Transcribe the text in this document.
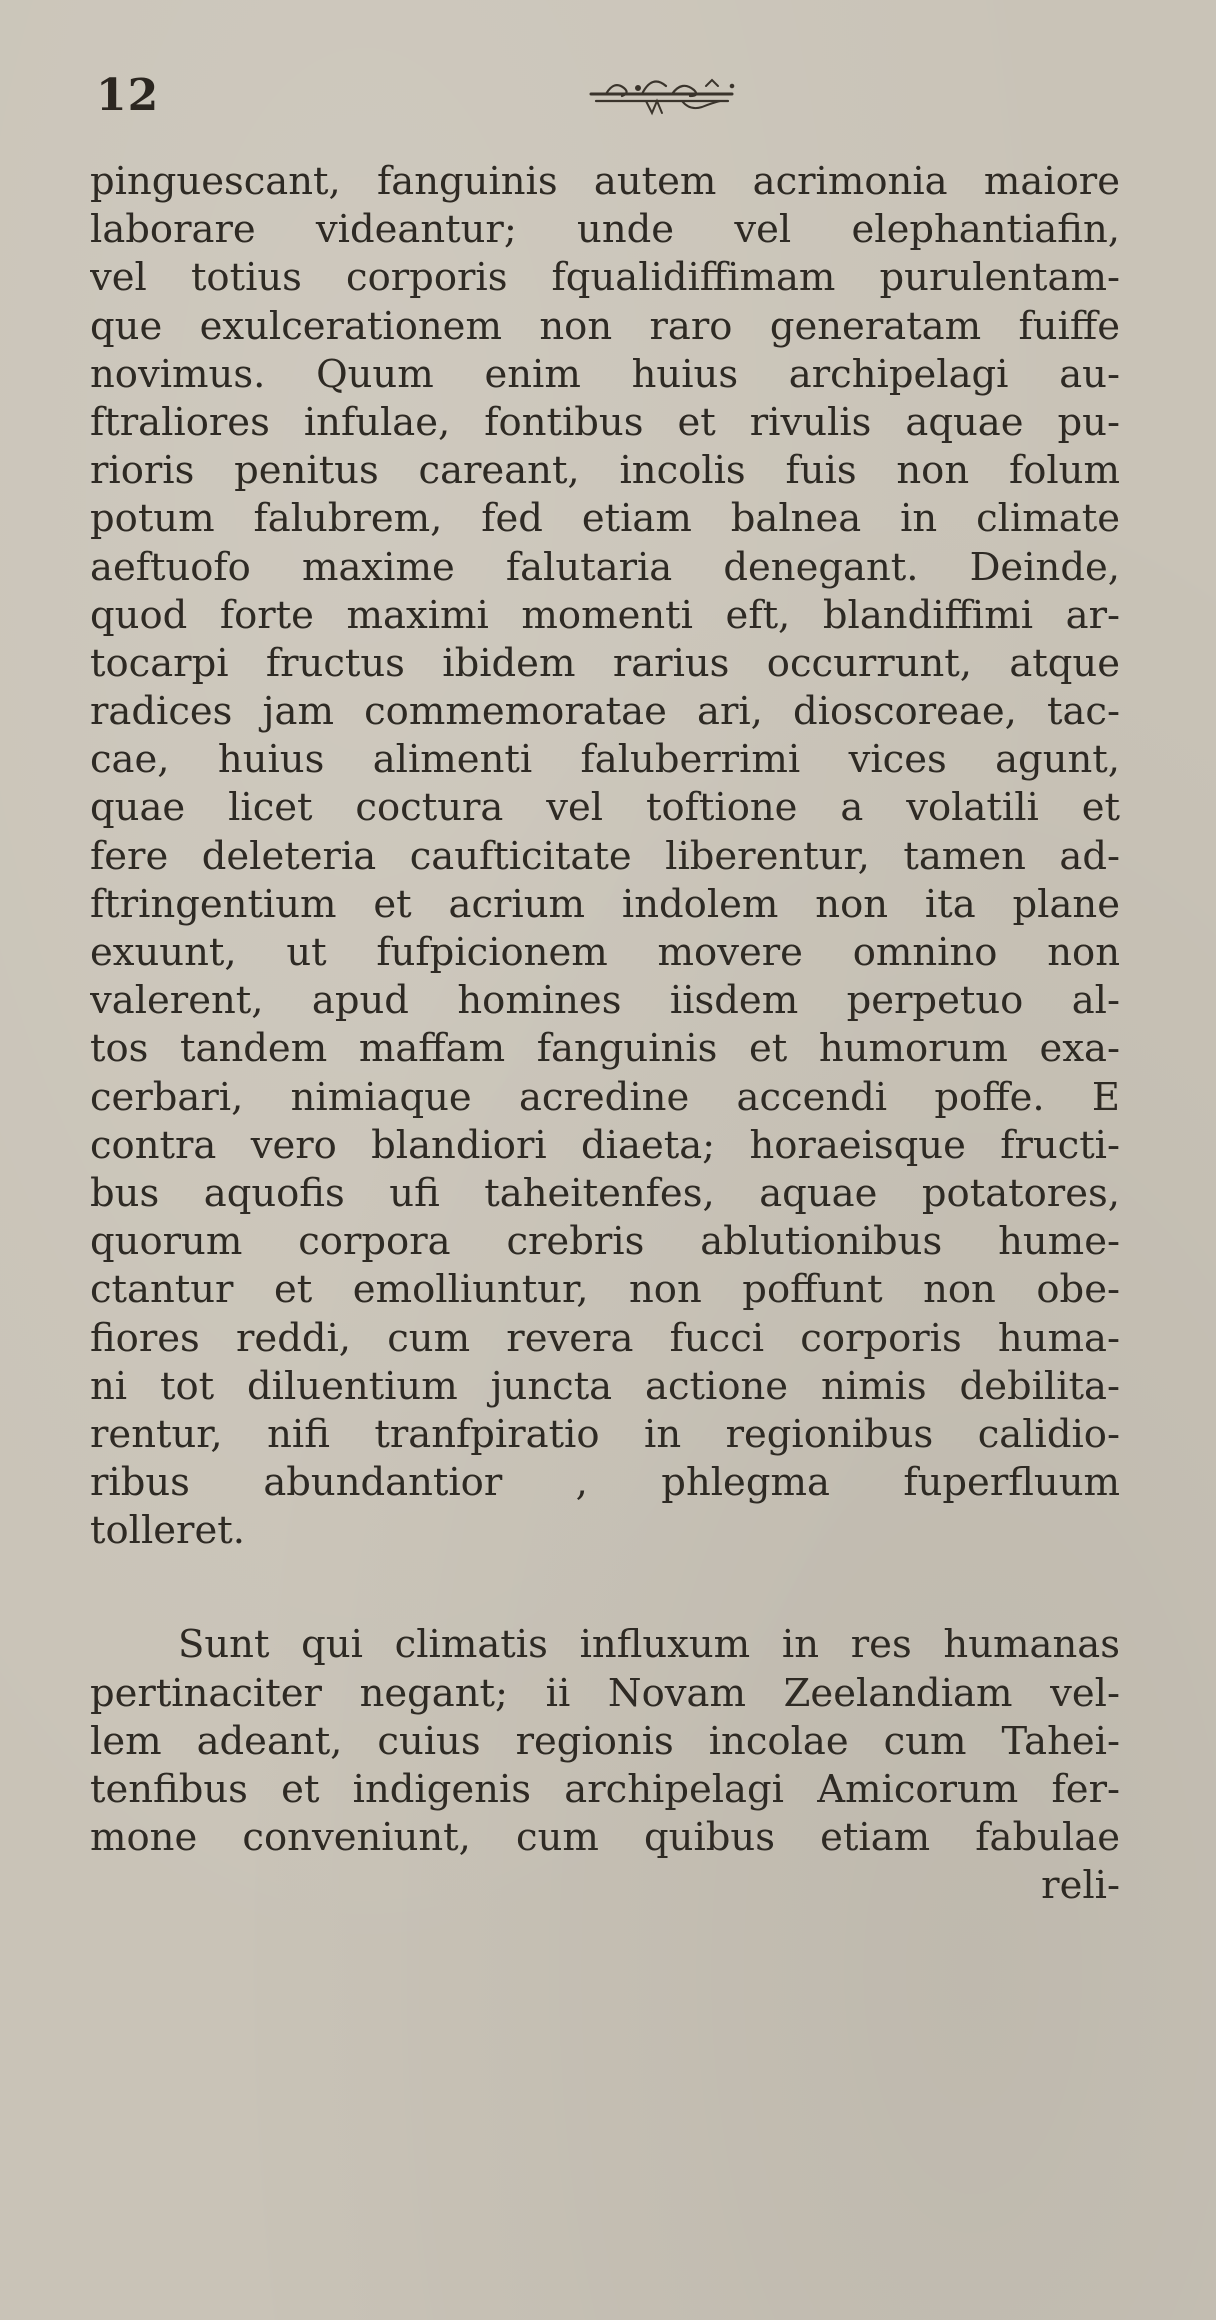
12
pinguescant, fanguinis autem acrimonia maiore
laborare videantur; unde vel elephantiafin,
vel totius corporis fqualidiffimam purulentam-
que exulcerationem non raro generatam fuiffe
novimus. Quum enim huius archipelagi au-
ftraliores infulae, fontibus et rivulis aquae pu-
rioris penitus careant, incolis fuis non folum
potum falubrem, fed etiam balnea in climate
aeftuofo maxime falutaria denegant. Deinde,
quod forte maximi momenti eft, blandiffimi ar-
tocarpi fructus ibidem rarius occurrunt, atque
radices jam commemoratae ari, dioscoreae, tac-
cae, huius alimenti faluberrimi vices agunt,
quae licet coctura vel toftione a volatili et
fere deleteria caufticitate liberentur, tamen ad-
ftringentium et acrium indolem non ita plane
exuunt, ut fufpicionem movere omnino non
valerent, apud homines iisdem perpetuo al-
tos tandem maffam fanguinis et humorum exa-
cerbari, nimiaque acredine accendi poffe. E
contra vero blandiori diaeta; horaeisque fructi-
bus aquofis ufi taheitenfes, aquae potatores,
quorum corpora crebris ablutionibus hume-
ctantur et emolliuntur, non poffunt non obe-
fiores reddi, cum revera fucci corporis huma-
ni tot diluentium juncta actione nimis debilita-
rentur, nifi tranfpiratio in regionibus calidio-
ribus abundantior , phlegma fuperfluum
tolleret.
Sunt qui climatis influxum in res humanas
pertinaciter negant; ii Novam Zeelandiam vel-
lem adeant, cuius regionis incolae cum Tahei-
tenfibus et indigenis archipelagi Amicorum fer-
mone conveniunt, cum quibus etiam fabulae
reli-
